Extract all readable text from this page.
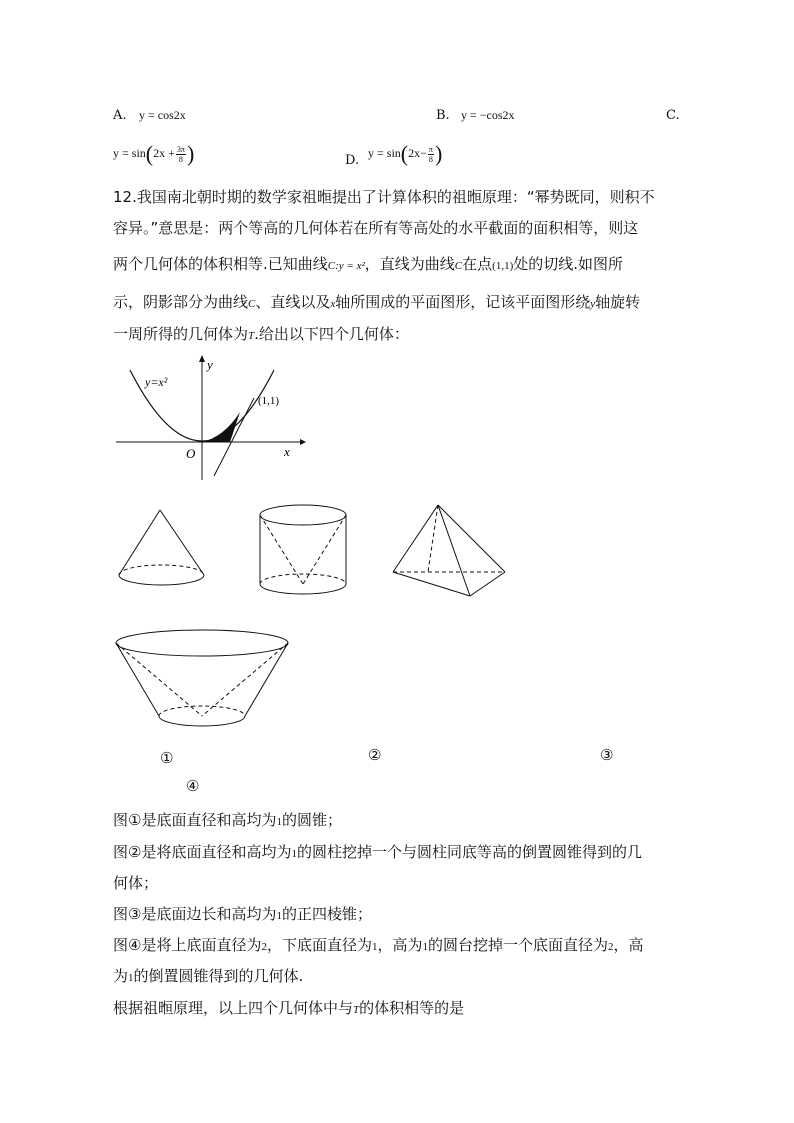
A. y = cos2x	B. y = −cos2x	C.
$y = \sin(2x + \frac{3\pi}{8}$ )	D.
$y = \sin(2x- \frac{\pi}{8}$ )
12.我国南北朝时期的数学家祖暅提出了计算体积的祖暅原理：“幂势既同，则积不
容异。”意思是：两个等高的几何体若在所有等高处的水平截面的面积相等，则这
两个几何体的体积相等.已知曲线C:y = x²，直线为曲线C在点(1,1)处的切线.如图所
示，阴影部分为曲线C、直线以及x轴所围成的平面图形，记该平面图形绕y轴旋转
一周所得的几何体为T.给出以下四个几何体：
y=x²
y
x
O
(1,1)
①	②	③
④
图①是底面直径和高均为1的圆锥；
图②是将底面直径和高均为1的圆柱挖掉一个与圆柱同底等高的倒置圆锥得到的几
何体；
图③是底面边长和高均为1的正四棱锥；
图④是将上底面直径为2，下底面直径为1，高为1的圆台挖掉一个底面直径为2，高
为1的倒置圆锥得到的几何体.
根据祖暅原理，以上四个几何体中与T的体积相等的是
